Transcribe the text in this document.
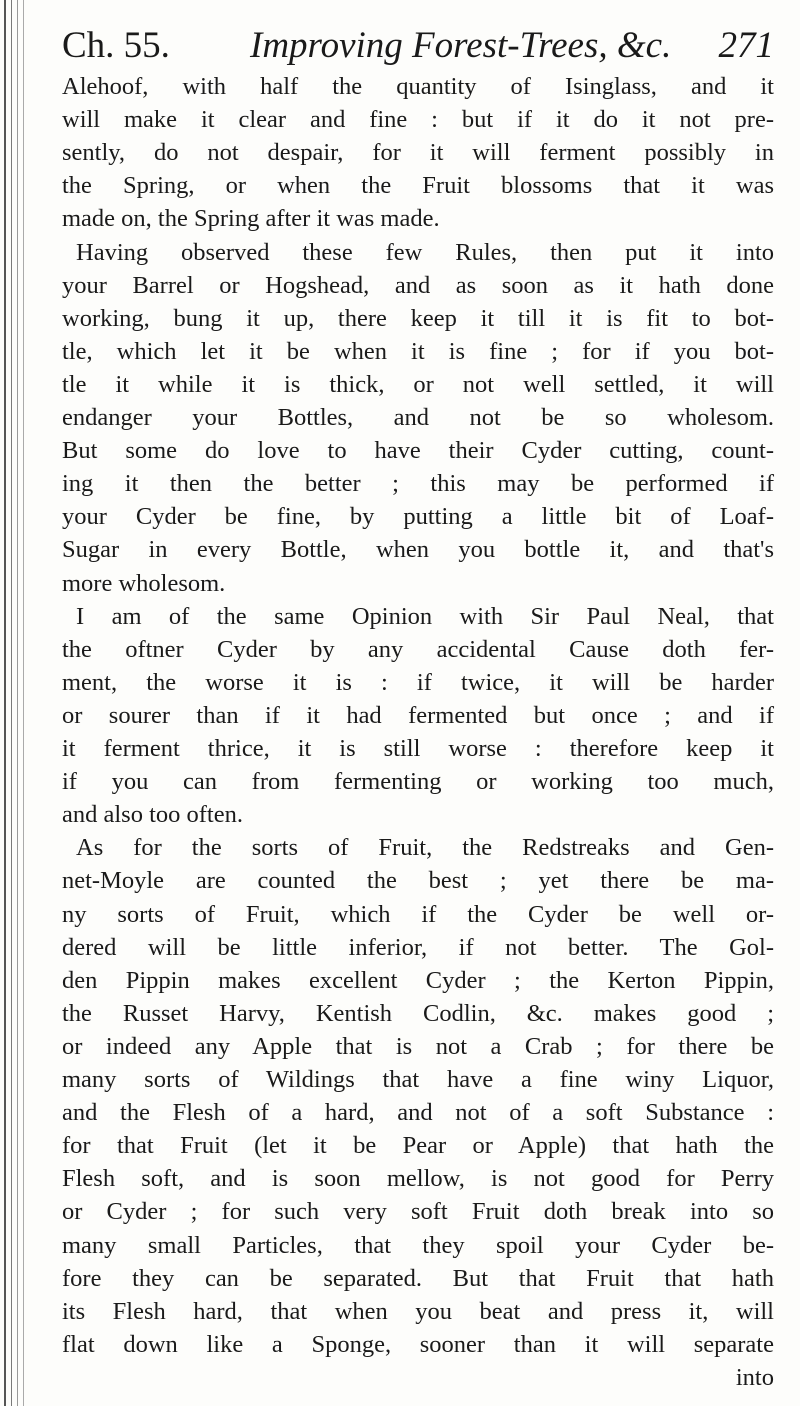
Ch. 55. Improving Forest-Trees, &c. 271
Alehoof, with half the quantity of Isinglass, and it
will make it clear and fine : but if it do it not pre-
sently, do not despair, for it will ferment possibly in
the Spring, or when the Fruit blossoms that it was
made on, the Spring after it was made.
Having observed these few Rules, then put it into
your Barrel or Hogshead, and as soon as it hath done
working, bung it up, there keep it till it is fit to bot-
tle, which let it be when it is fine ; for if you bot-
tle it while it is thick, or not well settled, it will
endanger your Bottles, and not be so wholesom.
But some do love to have their Cyder cutting, count-
ing it then the better ; this may be performed if
your Cyder be fine, by putting a little bit of Loaf-
Sugar in every Bottle, when you bottle it, and that's
more wholesom.
I am of the same Opinion with Sir Paul Neal, that
the oftner Cyder by any accidental Cause doth fer-
ment, the worse it is : if twice, it will be harder
or sourer than if it had fermented but once ; and if
it ferment thrice, it is still worse : therefore keep it
if you can from fermenting or working too much,
and also too often.
As for the sorts of Fruit, the Redstreaks and Gen-
net-Moyle are counted the best ; yet there be ma-
ny sorts of Fruit, which if the Cyder be well or-
dered will be little inferior, if not better. The Gol-
den Pippin makes excellent Cyder ; the Kerton Pippin,
the Russet Harvy, Kentish Codlin, &c. makes good ;
or indeed any Apple that is not a Crab ; for there be
many sorts of Wildings that have a fine winy Liquor,
and the Flesh of a hard, and not of a soft Substance :
for that Fruit (let it be Pear or Apple) that hath the
Flesh soft, and is soon mellow, is not good for Perry
or Cyder ; for such very soft Fruit doth break into so
many small Particles, that they spoil your Cyder be-
fore they can be separated. But that Fruit that hath
its Flesh hard, that when you beat and press it, will
flat down like a Sponge, sooner than it will separate
into
